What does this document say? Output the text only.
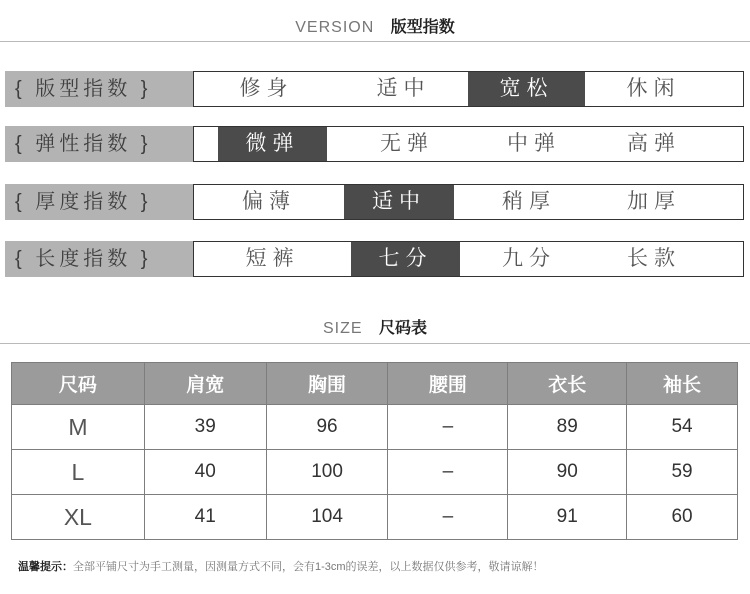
VERSION 版型指数
{ 版型指数 }	修身	适中	宽松	休闲
{ 弹性指数 }	微弹	无弹	中弹	高弹
{ 厚度指数 }	偏薄	适中	稍厚	加厚
{ 长度指数 }	短裤	七分	九分	长款
SIZE 尺码表
尺码	肩宽	胸围	腰围	衣长	袖长
M	39	96	–	89	54
L	40	100	–	90	59
XL	41	104	–	91	60
温馨提示：全部平铺尺寸为手工测量，因测量方式不同，会有1-3cm的误差，以上数据仅供参考，敬请谅解！
